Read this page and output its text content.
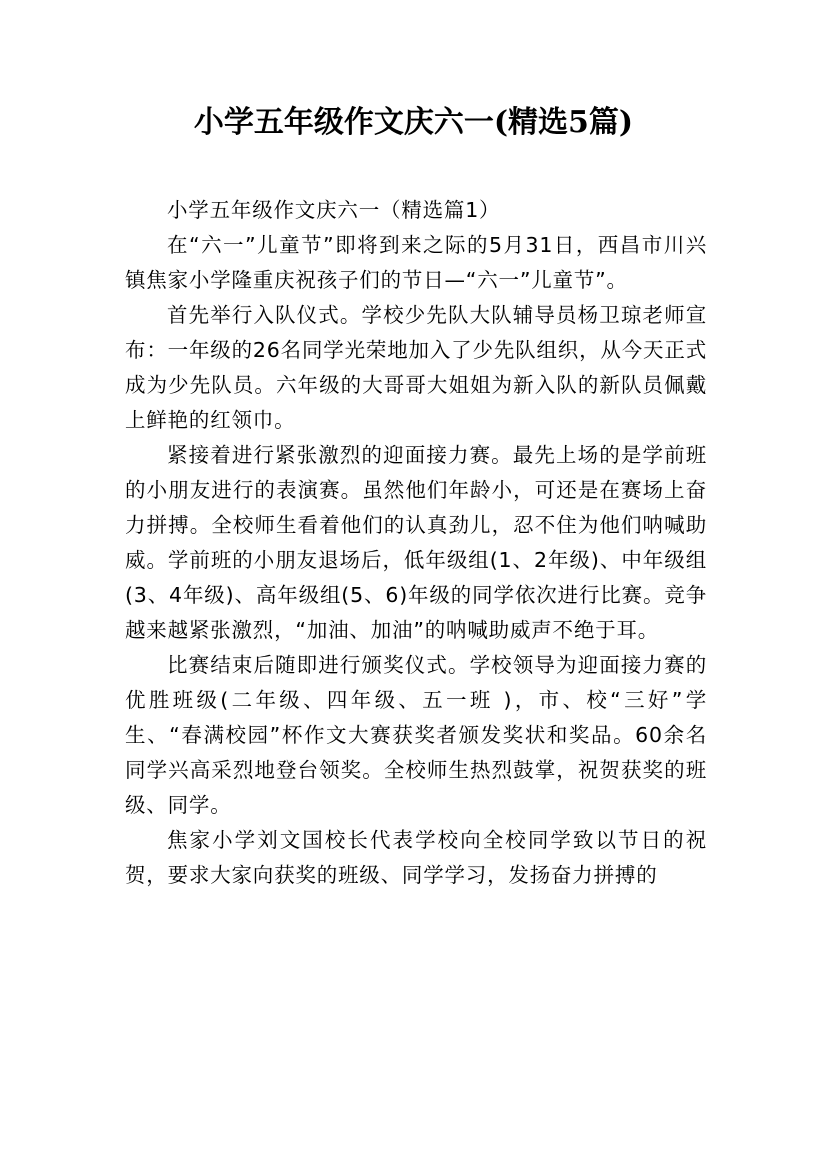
小学五年级作文庆六一(精选5篇)

小学五年级作文庆六一（精选篇1）

在“六一”儿童节”即将到来之际的5月31日，西昌市川兴镇焦家小学隆重庆祝孩子们的节日—“六一”儿童节”。

首先举行入队仪式。学校少先队大队辅导员杨卫琼老师宣布：一年级的26名同学光荣地加入了少先队组织，从今天正式成为少先队员。六年级的大哥哥大姐姐为新入队的新队员佩戴上鲜艳的红领巾。

紧接着进行紧张激烈的迎面接力赛。最先上场的是学前班的小朋友进行的表演赛。虽然他们年龄小，可还是在赛场上奋力拼搏。全校师生看着他们的认真劲儿，忍不住为他们呐喊助威。学前班的小朋友退场后，低年级组(1、2年级)、中年级组(3、4年级)、高年级组(5、6)年级的同学依次进行比赛。竞争越来越紧张激烈，“加油、加油”的呐喊助威声不绝于耳。

比赛结束后随即进行颁奖仪式。学校领导为迎面接力赛的优胜班级(二年级、四年级、五一班 )，市、校“三好”学生、“春满校园”杯作文大赛获奖者颁发奖状和奖品。60余名同学兴高采烈地登台领奖。全校师生热烈鼓掌，祝贺获奖的班级、同学。

焦家小学刘文国校长代表学校向全校同学致以节日的祝贺，要求大家向获奖的班级、同学学习，发扬奋力拼搏的
